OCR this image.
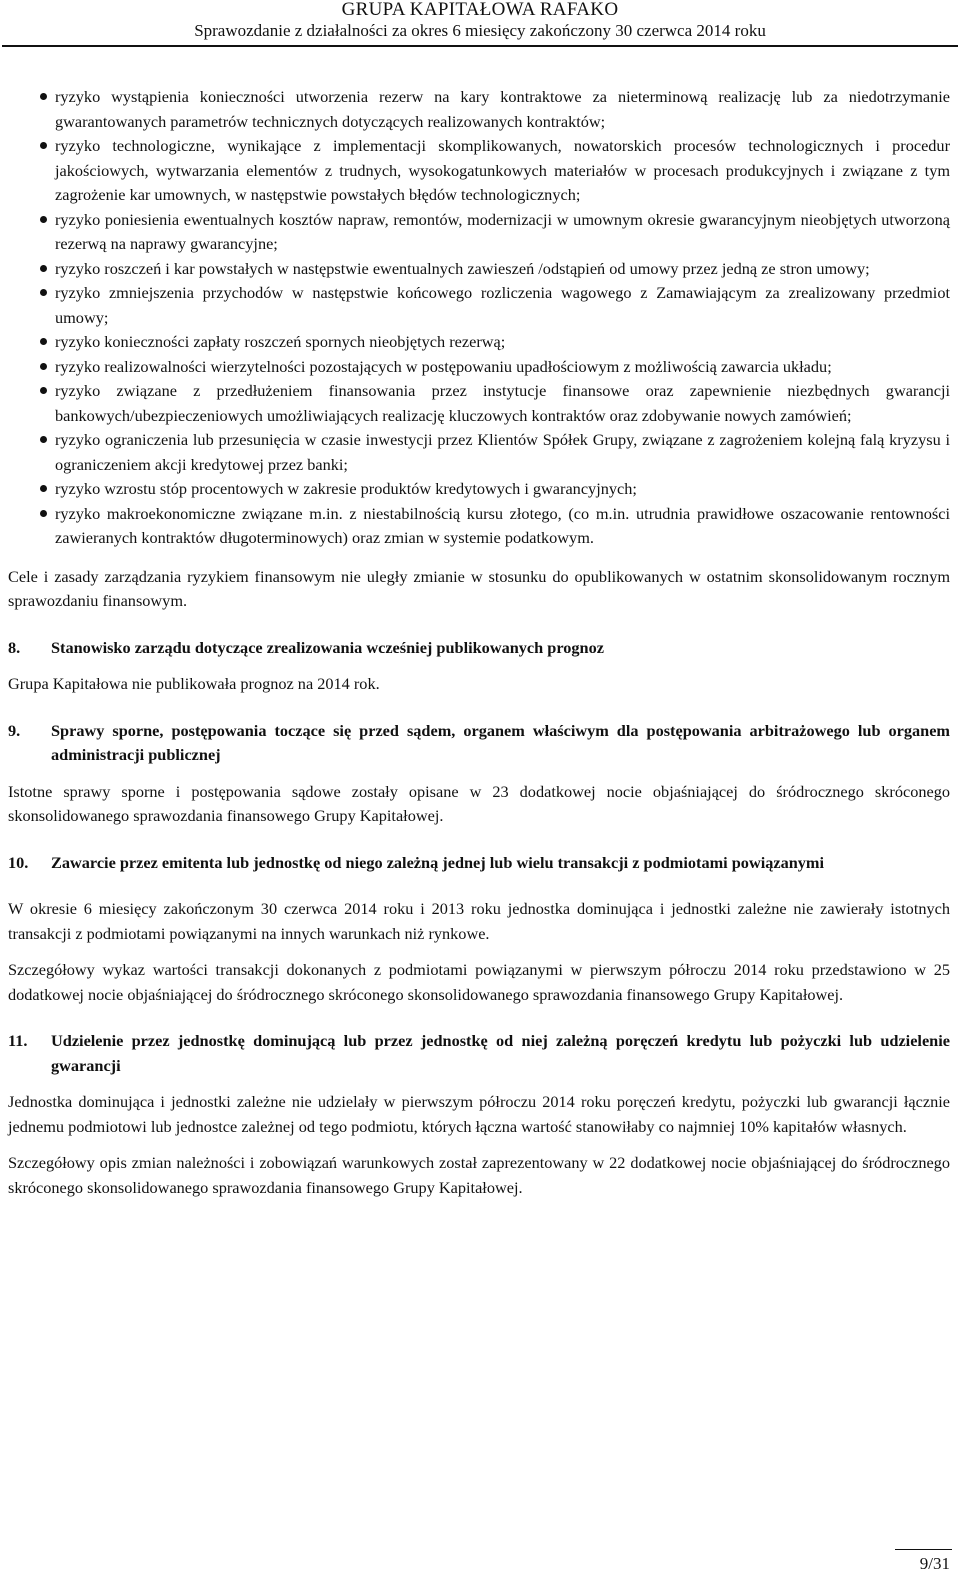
GRUPA KAPITAŁOWA RAFAKO
Sprawozdanie z działalności za okres 6 miesięcy zakończony 30 czerwca 2014 roku
ryzyko wystąpienia konieczności utworzenia rezerw na kary kontraktowe za nieterminową realizację lub za niedotrzymanie gwarantowanych parametrów technicznych dotyczących realizowanych kontraktów;
ryzyko technologiczne, wynikające z implementacji skomplikowanych, nowatorskich procesów technologicznych i procedur jakościowych, wytwarzania elementów z trudnych, wysokogatunkowych materiałów w procesach produkcyjnych i związane z tym zagrożenie kar umownych, w następstwie powstałych błędów technologicznych;
ryzyko poniesienia ewentualnych kosztów napraw, remontów, modernizacji w umownym okresie gwarancyjnym nieobjętych utworzoną rezerwą na naprawy gwarancyjne;
ryzyko roszczeń i kar powstałych w następstwie ewentualnych zawieszeń /odstąpień od umowy przez jedną ze stron umowy;
ryzyko zmniejszenia przychodów w następstwie końcowego rozliczenia wagowego z Zamawiającym za zrealizowany przedmiot umowy;
ryzyko konieczności zapłaty roszczeń spornych nieobjętych rezerwą;
ryzyko realizowalności wierzytelności pozostających w postępowaniu upadłościowym z możliwością zawarcia układu;
ryzyko związane z przedłużeniem finansowania przez instytucje finansowe oraz zapewnienie niezbędnych gwarancji bankowych/ubezpieczeniowych umożliwiających realizację kluczowych kontraktów oraz zdobywanie nowych zamówień;
ryzyko ograniczenia lub przesunięcia w czasie inwestycji przez Klientów Spółek Grupy, związane z zagrożeniem kolejną falą kryzysu i ograniczeniem akcji kredytowej przez banki;
ryzyko wzrostu stóp procentowych w zakresie produktów kredytowych i gwarancyjnych;
ryzyko makroekonomiczne związane m.in. z niestabilnością kursu złotego, (co m.in. utrudnia prawidłowe oszacowanie rentowności zawieranych kontraktów długoterminowych) oraz zmian w systemie podatkowym.

Cele i zasady zarządzania ryzykiem finansowym nie uległy zmianie w stosunku do opublikowanych w ostatnim skonsolidowanym rocznym sprawozdaniu finansowym.

8.	Stanowisko zarządu dotyczące zrealizowania wcześniej publikowanych prognoz

Grupa Kapitałowa nie publikowała prognoz na 2014 rok.

9.	Sprawy sporne, postępowania toczące się przed sądem, organem właściwym dla postępowania arbitrażowego lub organem administracji publicznej

Istotne sprawy sporne i postępowania sądowe zostały opisane w 23 dodatkowej nocie objaśniającej do śródrocznego skróconego skonsolidowanego sprawozdania finansowego Grupy Kapitałowej.

10.	Zawarcie przez emitenta lub jednostkę od niego zależną jednej lub wielu transakcji z podmiotami powiązanymi

W okresie 6 miesięcy zakończonym 30 czerwca 2014 roku i 2013 roku jednostka dominująca i jednostki zależne nie zawierały istotnych transakcji z podmiotami powiązanymi na innych warunkach niż rynkowe.

Szczegółowy wykaz wartości transakcji dokonanych z podmiotami powiązanymi w pierwszym półroczu 2014 roku przedstawiono w 25 dodatkowej nocie objaśniającej do śródrocznego skróconego skonsolidowanego sprawozdania finansowego Grupy Kapitałowej.

11.	Udzielenie przez jednostkę dominującą lub przez jednostkę od niej zależną poręczeń kredytu lub pożyczki lub udzielenie gwarancji

Jednostka dominująca i jednostki zależne nie udzielały w pierwszym półroczu 2014 roku poręczeń kredytu, pożyczki lub gwarancji łącznie jednemu podmiotowi lub jednostce zależnej od tego podmiotu, których łączna wartość stanowiłaby co najmniej 10% kapitałów własnych.

Szczegółowy opis zmian należności i zobowiązań warunkowych został zaprezentowany w 22 dodatkowej nocie objaśniającej do śródrocznego skróconego skonsolidowanego sprawozdania finansowego Grupy Kapitałowej.

9/31
